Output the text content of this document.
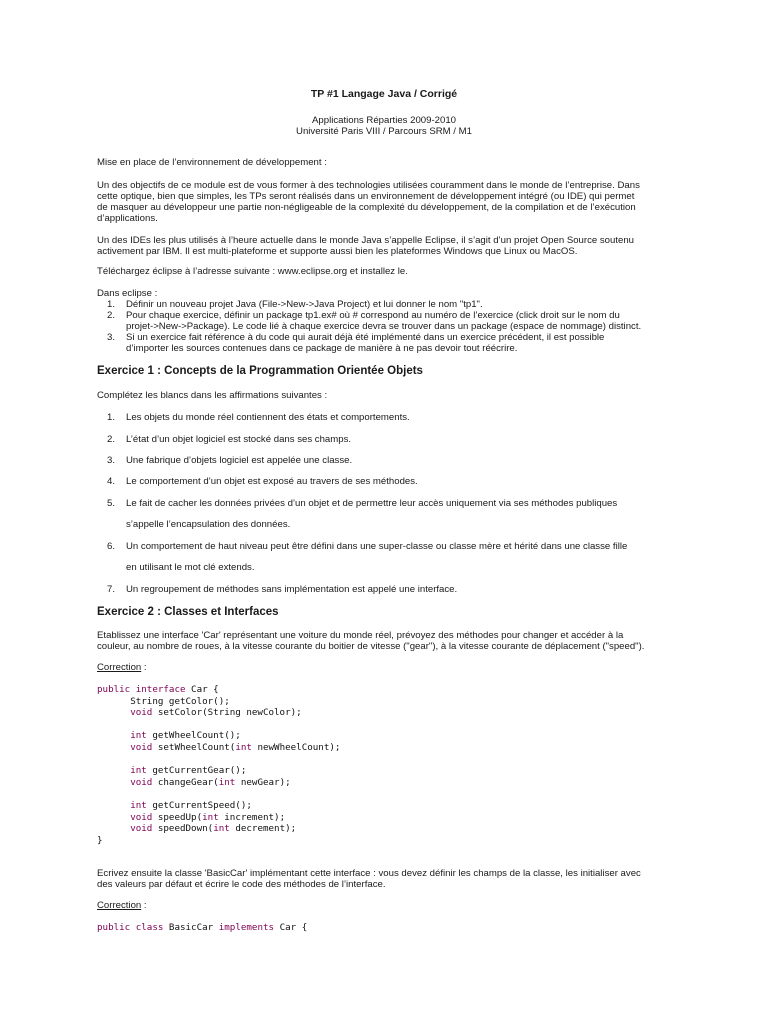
TP #1 Langage Java / Corrigé
Applications Réparties 2009-2010
Université Paris VIII / Parcours SRM / M1
Mise en place de l’environnement de développement :
Un des objectifs de ce module est de vous former à des technologies utilisées couramment dans le monde de l’entreprise. Dans
cette optique, bien que simples, les TPs seront réalisés dans un environnement de développement intégré (ou IDE) qui permet
de masquer au développeur une partie non-négligeable de la complexité du développement, de la compilation et de l’exécution
d’applications.
Un des IDEs les plus utilisés à l’heure actuelle dans le monde Java s’appelle Eclipse, il s’agit d’un projet Open Source soutenu
activement par IBM. Il est multi-plateforme et supporte aussi bien les plateformes Windows que Linux ou MacOS.
Téléchargez éclipse à l’adresse suivante : www.eclipse.org et installez le.
Dans eclipse :
1. Définir un nouveau projet Java (File->New->Java Project) et lui donner le nom "tp1".
2. Pour chaque exercice, définir un package tp1.ex# où # correspond au numéro de l’exercice (click droit sur le nom du
projet->New->Package). Le code lié à chaque exercice devra se trouver dans un package (espace de nommage) distinct.
3. Si un exercice fait référence à du code qui aurait déjà été implémenté dans un exercice précédent, il est possible
d’importer les sources contenues dans ce package de manière à ne pas devoir tout réécrire.
Exercice 1 : Concepts de la Programmation Orientée Objets
Complétez les blancs dans les affirmations suivantes :
1. Les objets du monde réel contiennent des états et comportements.
2. L’état d’un objet logiciel est stocké dans ses champs.
3. Une fabrique d’objets logiciel est appelée une classe.
4. Le comportement d’un objet est exposé au travers de ses méthodes.
5. Le fait de cacher les données privées d’un objet et de permettre leur accès uniquement via ses méthodes publiques
s’appelle l’encapsulation des données.
6. Un comportement de haut niveau peut être défini dans une super-classe ou classe mère et hérité dans une classe fille
en utilisant le mot clé extends.
7. Un regroupement de méthodes sans implémentation est appelé une interface.
Exercice 2 : Classes et Interfaces
Etablissez une interface 'Car' représentant une voiture du monde réel, prévoyez des méthodes pour changer et accéder à la
couleur, au nombre de roues, à la vitesse courante du boitier de vitesse ("gear"), à la vitesse courante de déplacement ("speed").
Correction :
public interface Car {
String getColor();
void setColor(String newColor);
int getWheelCount();
void setWheelCount(int newWheelCount);
int getCurrentGear();
void changeGear(int newGear);
int getCurrentSpeed();
void speedUp(int increment);
void speedDown(int decrement);
}
Ecrivez ensuite la classe 'BasicCar' implémentant cette interface : vous devez définir les champs de la classe, les initialiser avec
des valeurs par défaut et écrire le code des méthodes de l’interface.
Correction :
public class BasicCar implements Car {
